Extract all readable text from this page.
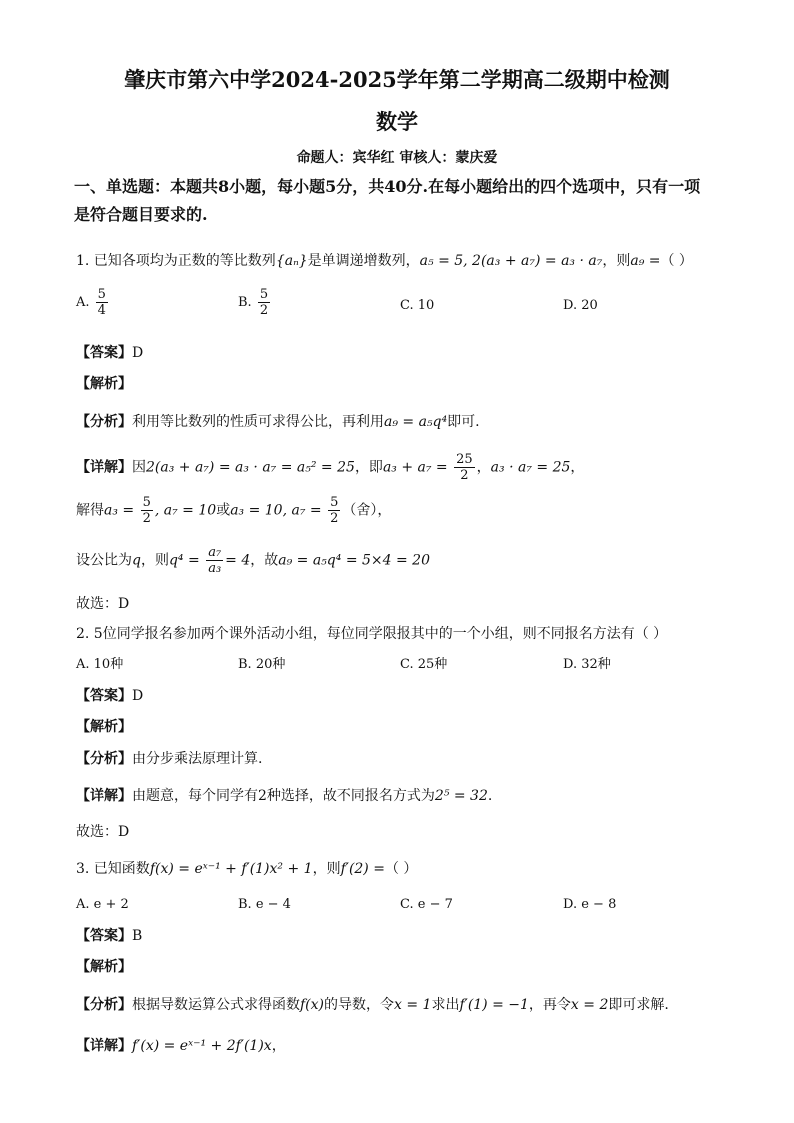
肇庆市第六中学2024-2025学年第二学期高二级期中检测
数学
命题人：宾华红 审核人：蒙庆爱
一、单选题：本题共8小题，每小题5分，共40分.在每小题给出的四个选项中，只有一项
是符合题目要求的.
1. 已知各项均为正数的等比数列{aₙ}是单调递增数列，a₅ = 5, 2(a₃ + a₇) = a₃ · a₇，则a₉ =（ ）
A. $\frac{5}{4}$	B. $\frac{5}{2}$	C. 10	D. 20
【答案】D
【解析】
【分析】利用等比数列的性质可求得公比，再利用a₉ = a₅q⁴即可.
【详解】因2(a₃ + a₇) = a₃ · a₇ = a₅² = 25，即$a_3 + a_7 = \frac{25}{2}$ ，a₃ · a₇ = 25，
解得$a_3 = \frac{5}{2}$ , a₇ = 10或a₃ = 10, $a_7 = \frac{5}{2}$ （舍），
设公比为q，则$q^4 = \frac{\text{a₇}}{\text{a₃}} = 4$，故a₉ = a₅q⁴ = 5×4 = 20
故选：D
2. 5位同学报名参加两个课外活动小组，每位同学限报其中的一个小组，则不同报名方法有（ ）
A. 10种	B. 20种	C. 25种	D. 32种
【答案】D
【解析】
【分析】由分步乘法原理计算.
【详解】由题意，每个同学有2种选择，故不同报名方式为2⁵ = 32.
故选：D
3. 已知函数f(x) = eˣ⁻¹ + f′(1)x² + 1，则f′(2) =（ ）
A. e + 2	B. e − 4	C. e − 7	D. e − 8
【答案】B
【解析】
【分析】根据导数运算公式求得函数f(x)的导数，令x = 1求出f′(1) = −1，再令x = 2即可求解.
【详解】f′(x) = eˣ⁻¹ + 2f′(1)x，
